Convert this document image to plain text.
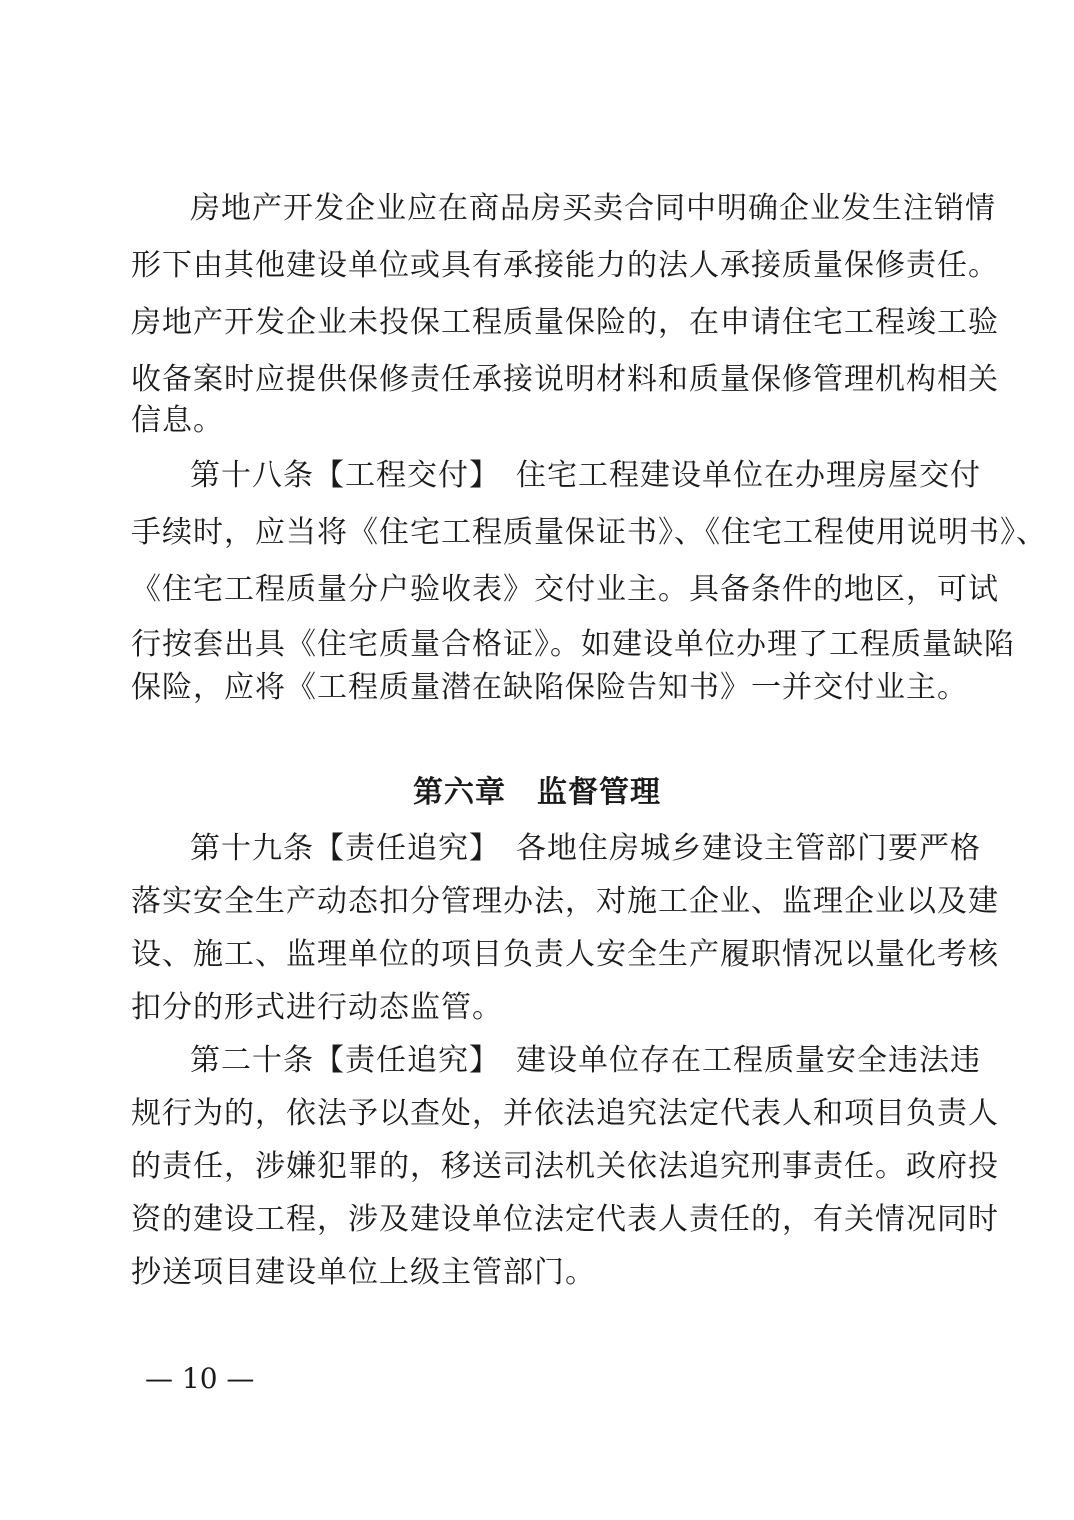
房地产开发企业应在商品房买卖合同中明确企业发生注销情
形下由其他建设单位或具有承接能力的法人承接质量保修责任。
房地产开发企业未投保工程质量保险的，在申请住宅工程竣工验
收备案时应提供保修责任承接说明材料和质量保修管理机构相关
信息。
第十八条【工程交付】　 住宅工程建设单位在办理房屋交付
手续时，应当将《住宅工程质量保证书》、《住宅工程使用说明书》、
《住宅工程质量分户验收表》交付业主。具备条件的地区，可试
行按套出具《住宅质量合格证》。如建设单位办理了工程质量缺陷
保险，应将《工程质量潜在缺陷保险告知书》一并交付业主。
第六章　监督管理
第十九条【责任追究】　 各地住房城乡建设主管部门要严格
落实安全生产动态扣分管理办法，对施工企业、监理企业以及建
设、施工、监理单位的项目负责人安全生产履职情况以量化考核
扣分的形式进行动态监管。
第二十条【责任追究】　 建设单位存在工程质量安全违法违
规行为的，依法予以查处，并依法追究法定代表人和项目负责人
的责任，涉嫌犯罪的，移送司法机关依法追究刑事责任。政府投
资的建设工程，涉及建设单位法定代表人责任的，有关情况同时
抄送项目建设单位上级主管部门。
— 10 —
